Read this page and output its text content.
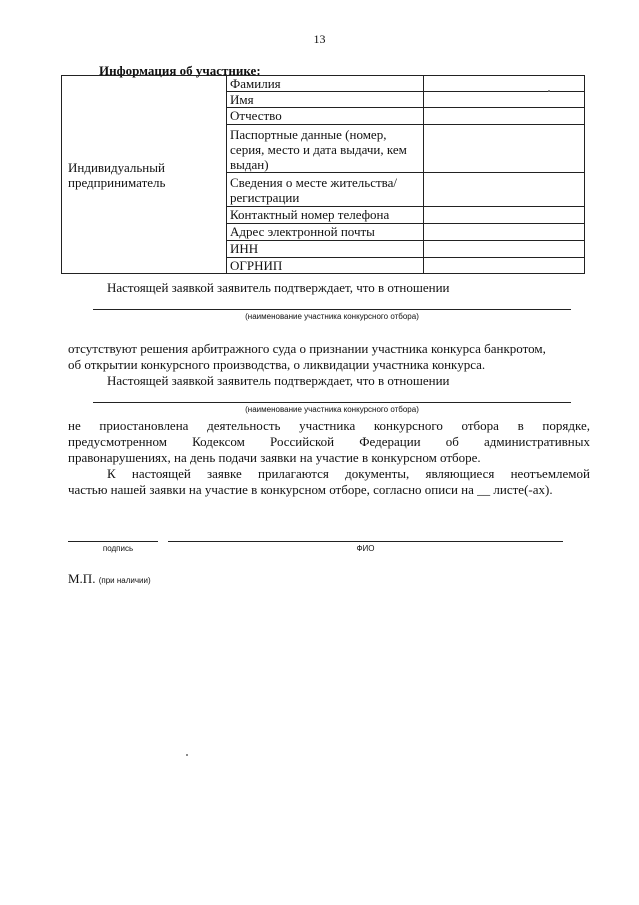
13
Информация об участнике:
Индивидуальный предприниматель	Фамилия	
	Имя	
	Отчество	
	Паспортные данные (номер, серия, место и дата выдачи, кем выдан)	
	Сведения о месте жительства/ регистрации	
	Контактный номер телефона	
	Адрес электронной почты	
	ИНН	
	ОГРНИП	
Настоящей заявкой заявитель подтверждает, что в отношении
(наименование участника конкурсного отбора)
отсутствуют решения арбитражного суда о признании участника конкурса банкротом,
об открытии конкурсного производства, о ликвидации участника конкурса.
Настоящей заявкой заявитель подтверждает, что в отношении
(наименование участника конкурсного отбора)
не приостановлена деятельность участника конкурсного отбора в порядке,
предусмотренном Кодексом Российской Федерации об административных
правонарушениях, на день подачи заявки на участие в конкурсном отборе.
К настоящей заявке прилагаются документы, являющиеся неотъемлемой
частью нашей заявки на участие в конкурсном отборе, согласно описи на __ листе(-ах).
подпись	ФИО
М.П. (при наличии)
